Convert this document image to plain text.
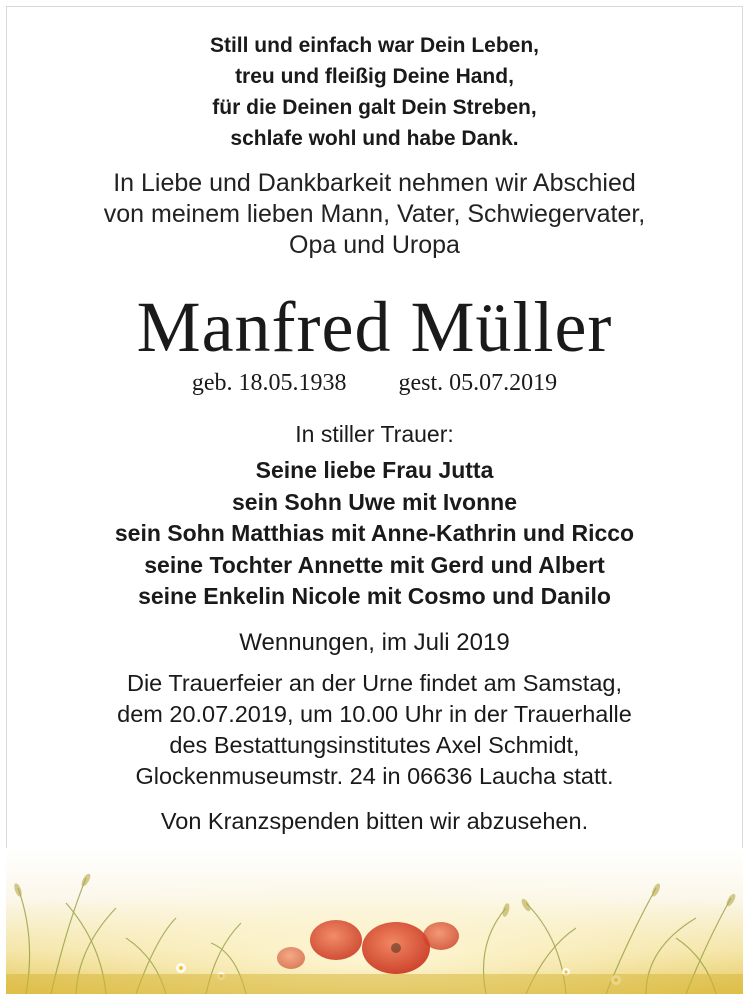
Still und einfach war Dein Leben,
treu und fleißig Deine Hand,
für die Deinen galt Dein Streben,
schlafe wohl und habe Dank.
In Liebe und Dankbarkeit nehmen wir Abschied
von meinem lieben Mann, Vater, Schwiegervater,
Opa und Uropa
Manfred Müller
geb. 18.05.1938 gest. 05.07.2019
In stiller Trauer:
Seine liebe Frau Jutta
sein Sohn Uwe mit Ivonne
sein Sohn Matthias mit Anne-Kathrin und Ricco
seine Tochter Annette mit Gerd und Albert
seine Enkelin Nicole mit Cosmo und Danilo
Wennungen, im Juli 2019
Die Trauerfeier an der Urne findet am Samstag,
dem 20.07.2019, um 10.00 Uhr in der Trauerhalle
des Bestattungsinstitutes Axel Schmidt,
Glockenmuseumstr. 24 in 06636 Laucha statt.
Von Kranzspenden bitten wir abzusehen.
